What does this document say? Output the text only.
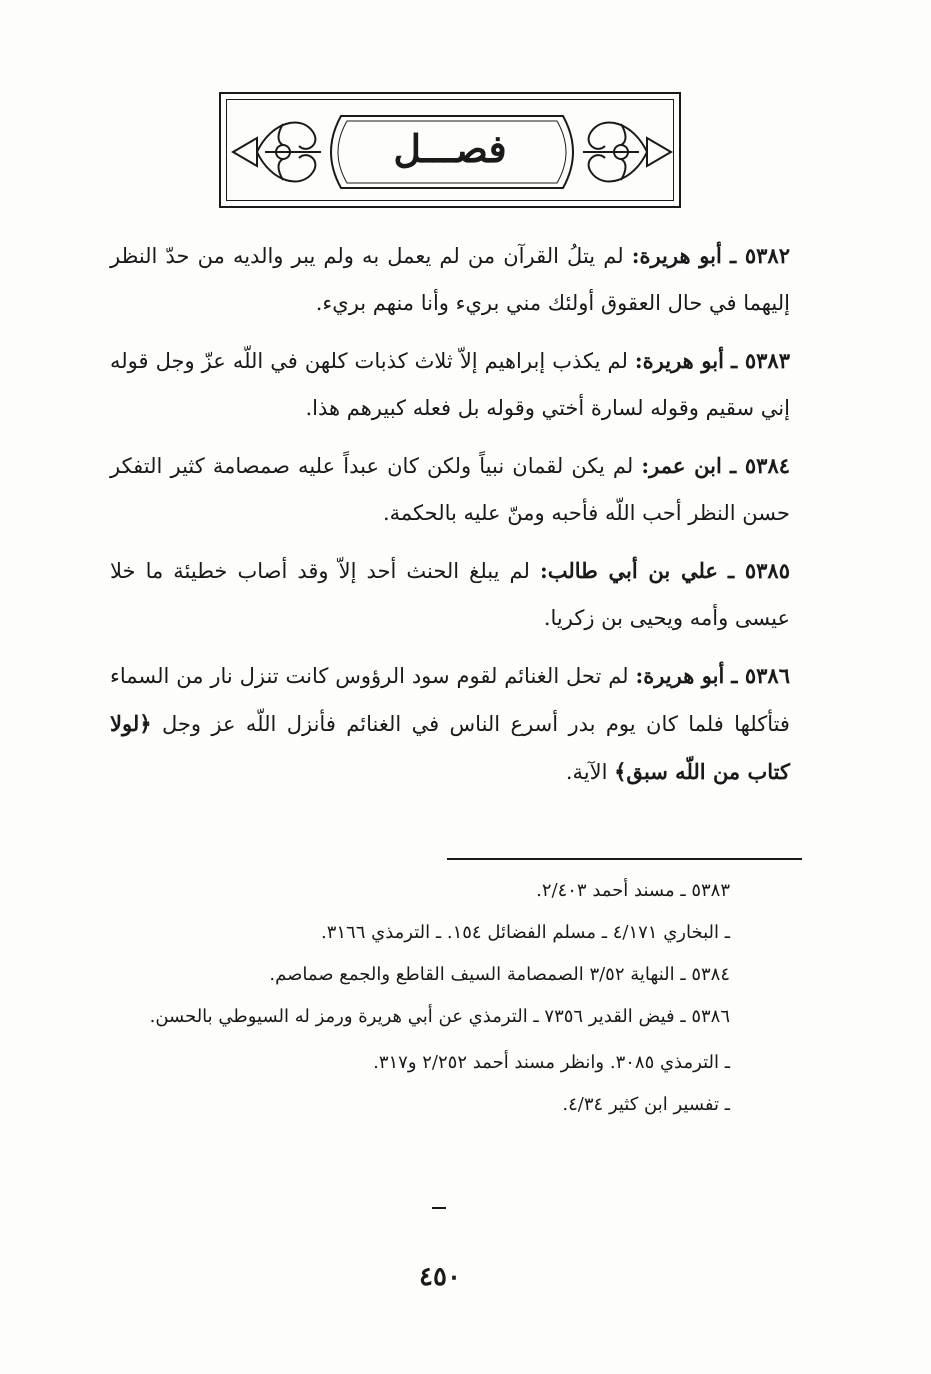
فصـــل
٥٣٨٢ ـ أبو هريرة: لم يتلُ القرآن من لم يعمل به ولم يبر والديه من حدّ النظر إليهما في حال العقوق أولئك مني بريء وأنا منهم بريء.
٥٣٨٣ ـ أبو هريرة: لم يكذب إبراهيم إلاّ ثلاث كذبات كلهن في اللّه عزّ وجل قوله إني سقيم وقوله لسارة أختي وقوله بل فعله كبيرهم هذا.
٥٣٨٤ ـ ابن عمر: لم يكن لقمان نبياً ولكن كان عبداً عليه صمصامة كثير التفكر حسن النظر أحب اللّه فأحبه ومنّ عليه بالحكمة.
٥٣٨٥ ـ علي بن أبي طالب: لم يبلغ الحنث أحد إلاّ وقد أصاب خطيئة ما خلا عيسى وأمه ويحيى بن زكريا.
٥٣٨٦ ـ أبو هريرة: لم تحل الغنائم لقوم سود الرؤوس كانت تنزل نار من السماء فتأكلها فلما كان يوم بدر أسرع الناس في الغنائم فأنزل اللّه عز وجل ﴿لولا كتاب من اللّه سبق﴾ الآية.
٥٣٨٣ ـ مسند أحمد ٢/٤٠٣.
ـ البخاري ٤/١٧١ ـ مسلم الفضائل ١٥٤. ـ الترمذي ٣١٦٦.
٥٣٨٤ ـ النهاية ٣/٥٢ الصمصامة السيف القاطع والجمع صماصم.
٥٣٨٦ ـ فيض القدير ٧٣٥٦ ـ الترمذي عن أبي هريرة ورمز له السيوطي بالحسن.
ـ الترمذي ٣٠٨٥. وانظر مسند أحمد ٢/٢٥٢ و٣١٧.
ـ تفسير ابن كثير ٤/٣٤.
٤٥٠
